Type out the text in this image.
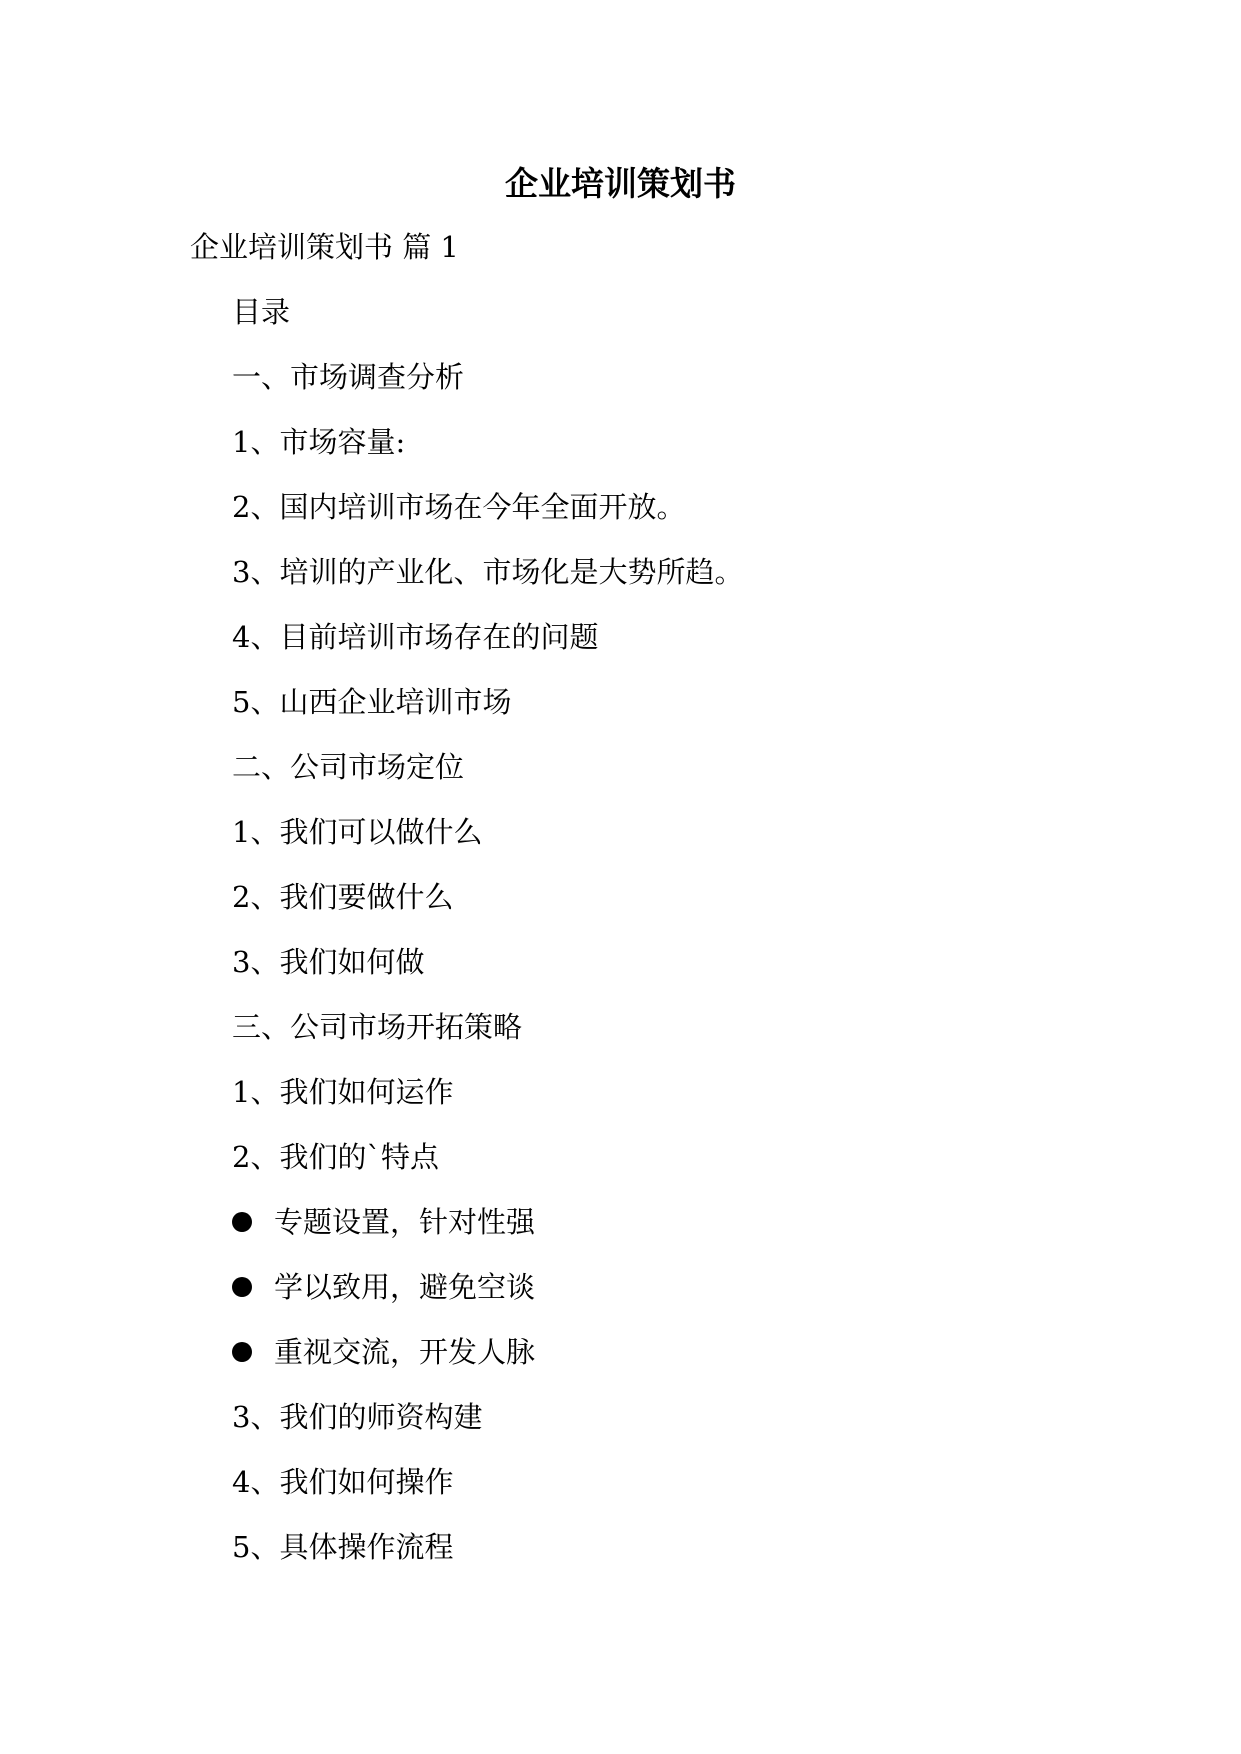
企业培训策划书

企业培训策划书 篇 1

目录
一、市场调查分析
1、市场容量:
2、国内培训市场在今年全面开放。
3、培训的产业化、市场化是大势所趋。
4、目前培训市场存在的问题
5、山西企业培训市场
二、公司市场定位
1、我们可以做什么
2、我们要做什么
3、我们如何做
三、公司市场开拓策略
1、我们如何运作
2、我们的`特点
专题设置，针对性强
学以致用，避免空谈
重视交流，开发人脉
3、我们的师资构建
4、我们如何操作
5、具体操作流程
